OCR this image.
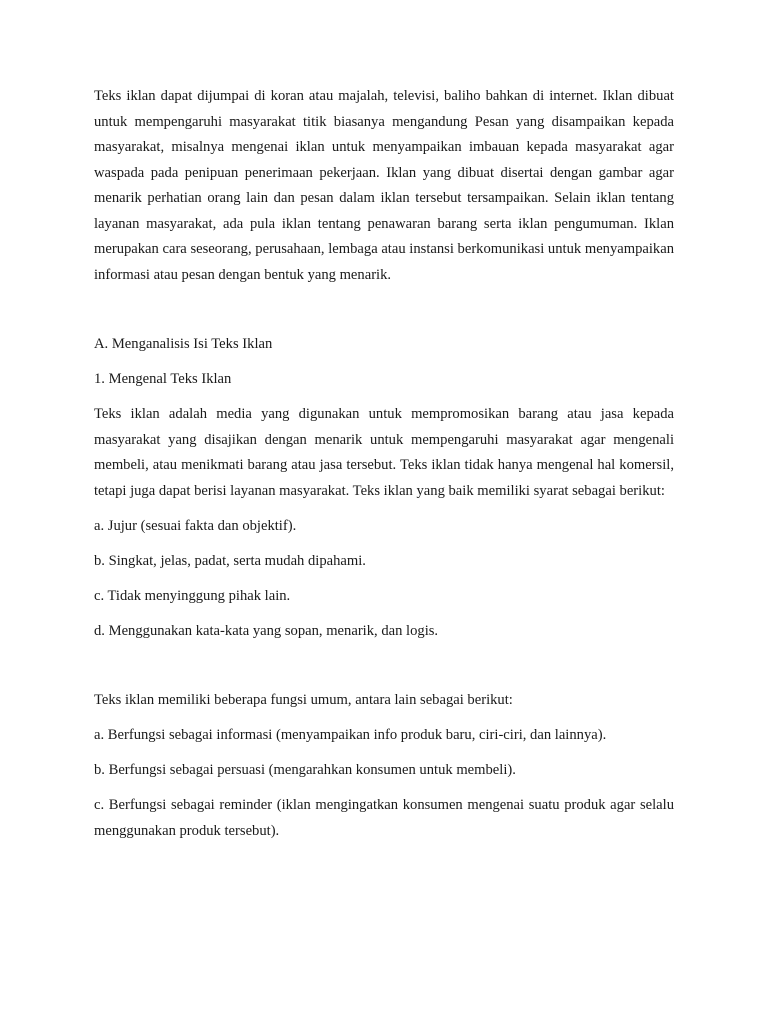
Teks iklan dapat dijumpai di koran atau majalah, televisi, baliho bahkan di internet. Iklan dibuat untuk mempengaruhi masyarakat titik biasanya mengandung Pesan yang disampaikan kepada masyarakat, misalnya mengenai iklan untuk menyampaikan imbauan kepada masyarakat agar waspada pada penipuan penerimaan pekerjaan. Iklan yang dibuat disertai dengan gambar agar menarik perhatian orang lain dan pesan dalam iklan tersebut tersampaikan. Selain iklan tentang layanan masyarakat, ada pula iklan tentang penawaran barang serta iklan pengumuman. Iklan merupakan cara seseorang, perusahaan, lembaga atau instansi berkomunikasi untuk menyampaikan informasi atau pesan dengan bentuk yang menarik.

A. Menganalisis Isi Teks Iklan

1. Mengenal Teks Iklan

Teks iklan adalah media yang digunakan untuk mempromosikan barang atau jasa kepada masyarakat yang disajikan dengan menarik untuk mempengaruhi masyarakat agar mengenali membeli, atau menikmati barang atau jasa tersebut. Teks iklan tidak hanya mengenal hal komersil, tetapi juga dapat berisi layanan masyarakat. Teks iklan yang baik memiliki syarat sebagai berikut:

a. Jujur (sesuai fakta dan objektif).

b. Singkat, jelas, padat, serta mudah dipahami.

c. Tidak menyinggung pihak lain.

d. Menggunakan kata-kata yang sopan, menarik, dan logis.

Teks iklan memiliki beberapa fungsi umum, antara lain sebagai berikut:

a. Berfungsi sebagai informasi (menyampaikan info produk baru, ciri-ciri, dan lainnya).

b. Berfungsi sebagai persuasi (mengarahkan konsumen untuk membeli).

c. Berfungsi sebagai reminder (iklan mengingatkan konsumen mengenai suatu produk agar selalu menggunakan produk tersebut).
